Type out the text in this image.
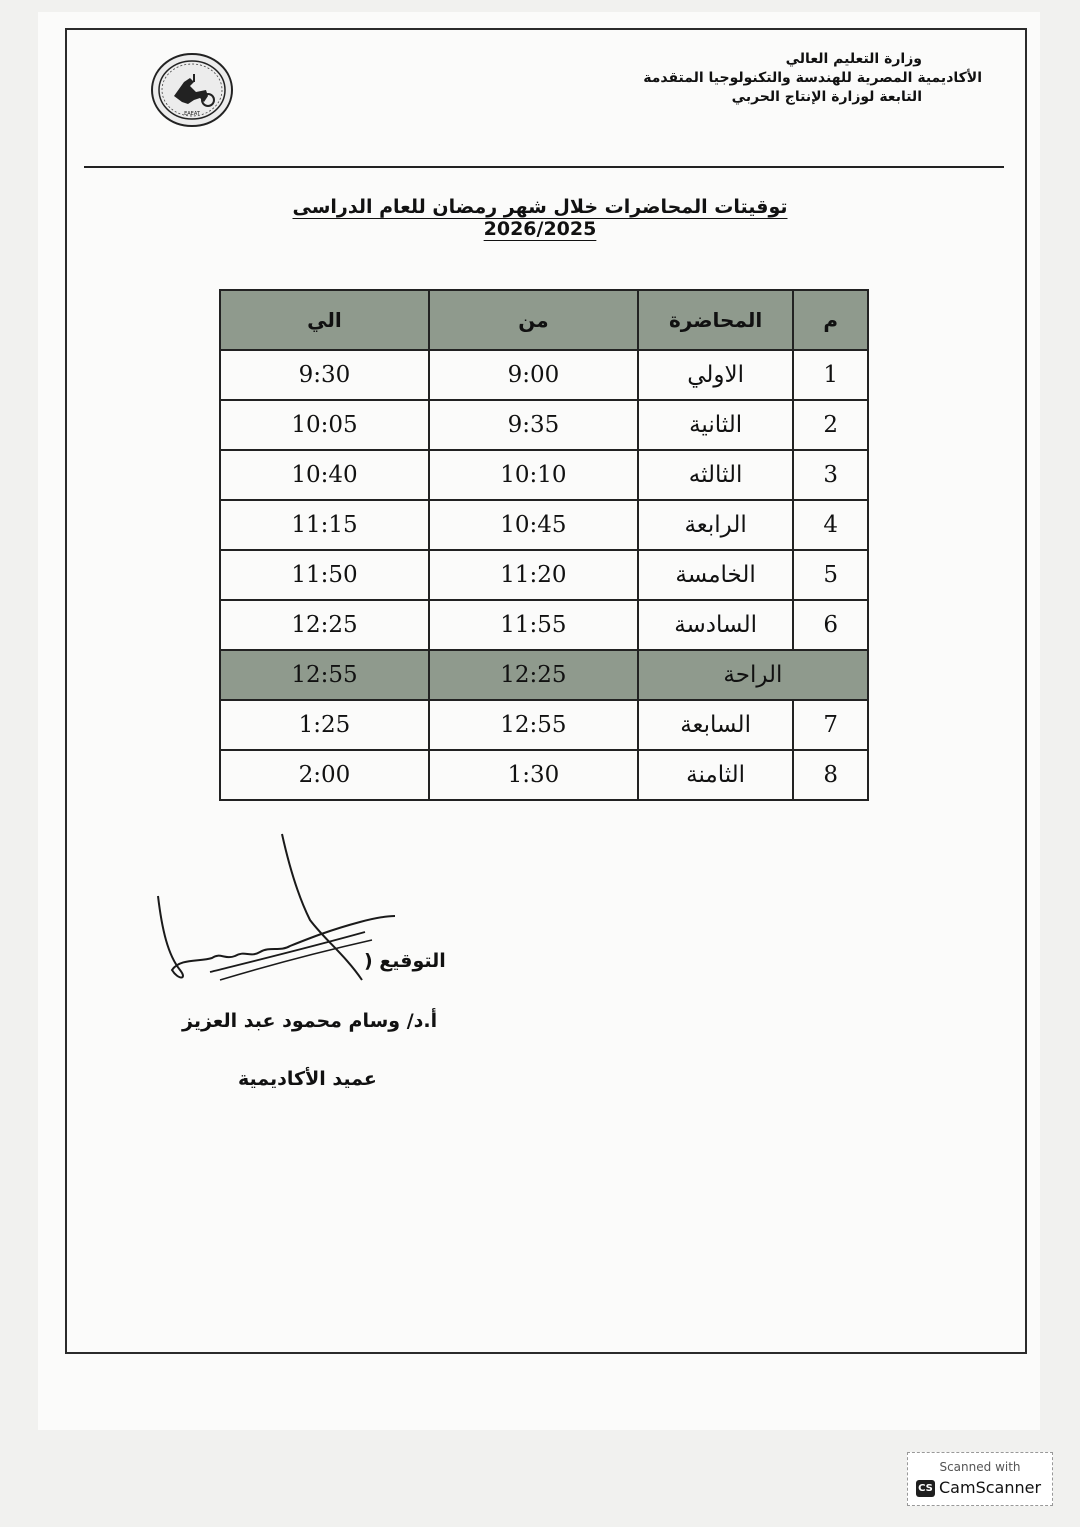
وزارة التعليم العالي
الأكاديمية المصرية للهندسة والتكنولوجيا المتقدمة
التابعة لوزارة الإنتاج الحربي
EAEAT
توقيتات المحاضرات خلال شهر رمضان للعام الدراسى 2026/2025
م	المحاضرة	من	الي
1	الاولي	9:00	9:30
2	الثانية	9:35	10:05
3	الثالثه	10:10	10:40
4	الرابعة	10:45	11:15
5	الخامسة	11:20	11:50
6	السادسة	11:55	12:25
الراحة		12:25	12:55
7	السابعة	12:55	1:25
8	الثامنة	1:30	2:00
التوقيع (
أ.د/ وسام محمود عبد العزيز
عميد الأكاديمية
Scanned with
CS CamScanner
